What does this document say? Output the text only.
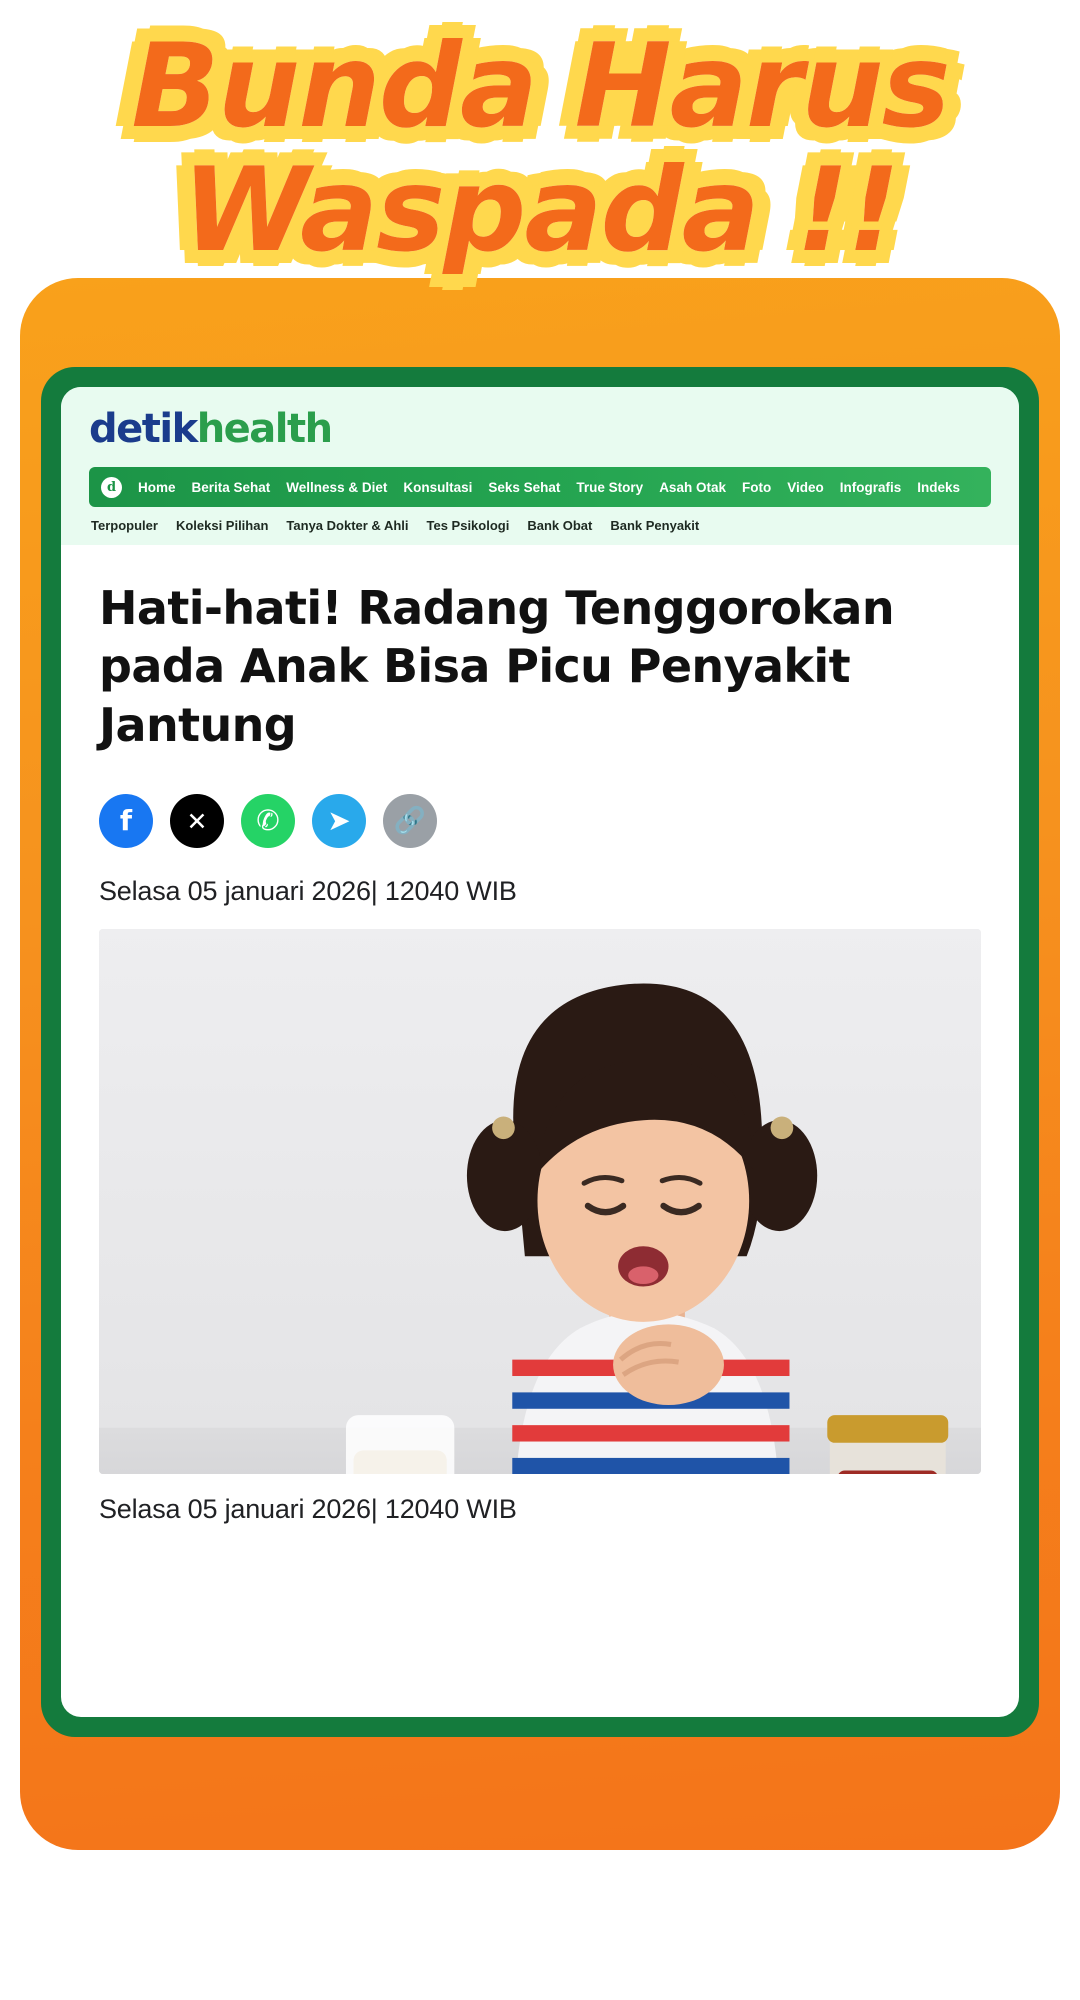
Bunda Harus
Waspada !!
detikhealth
d	Home Berita Sehat Wellness & Diet Konsultasi Seks Sehat True Story Asah Otak Foto Video Infografis Indeks
Terpopuler Koleksi Pilihan Tanya Dokter & Ahli Tes Psikologi Bank Obat Bank Penyakit
Hati-hati! Radang Tenggorokan pada Anak Bisa Picu Penyakit Jantung
f	✕	✆	➤	🔗
Selasa 05 januari 2026| 12040 WIB
Selasa 05 januari 2026| 12040 WIB
